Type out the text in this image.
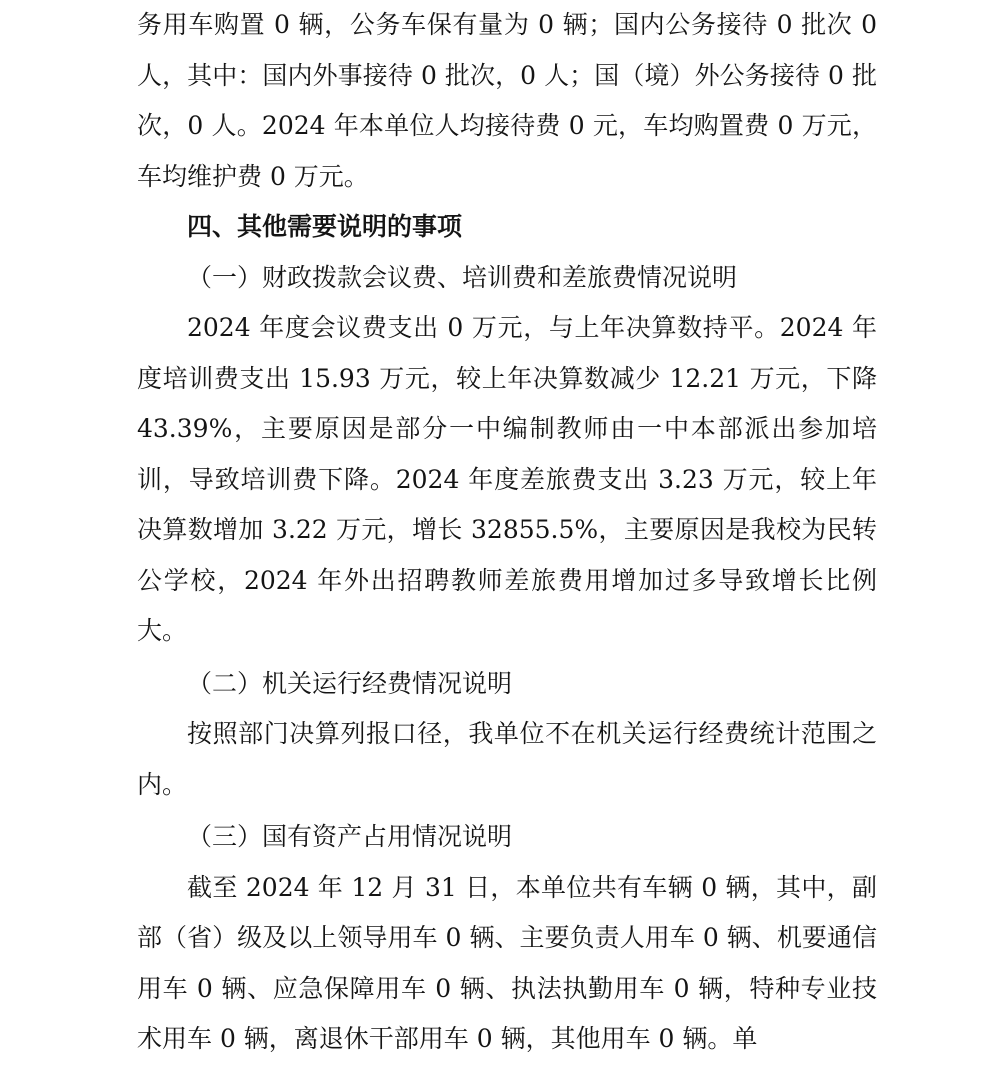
务用车购置 0 辆，公务车保有量为 0 辆；国内公务接待 0 批次 0 人，其中：国内外事接待 0 批次，0 人；国（境）外公务接待 0 批次，0 人。2024 年本单位人均接待费 0 元，车均购置费 0 万元，车均维护费 0 万元。

四、其他需要说明的事项

（一）财政拨款会议费、培训费和差旅费情况说明

2024 年度会议费支出 0 万元，与上年决算数持平。2024 年度培训费支出 15.93 万元，较上年决算数减少 12.21 万元，下降 43.39%，主要原因是部分一中编制教师由一中本部派出参加培训，导致培训费下降。2024 年度差旅费支出 3.23 万元，较上年决算数增加 3.22 万元，增长 32855.5%，主要原因是我校为民转公学校，2024 年外出招聘教师差旅费用增加过多导致增长比例大。

（二）机关运行经费情况说明

按照部门决算列报口径，我单位不在机关运行经费统计范围之内。

（三）国有资产占用情况说明

截至 2024 年 12 月 31 日，本单位共有车辆 0 辆，其中，副部（省）级及以上领导用车 0 辆、主要负责人用车 0 辆、机要通信用车 0 辆、应急保障用车 0 辆、执法执勤用车 0 辆，特种专业技术用车 0 辆，离退休干部用车 0 辆，其他用车 0 辆。单
